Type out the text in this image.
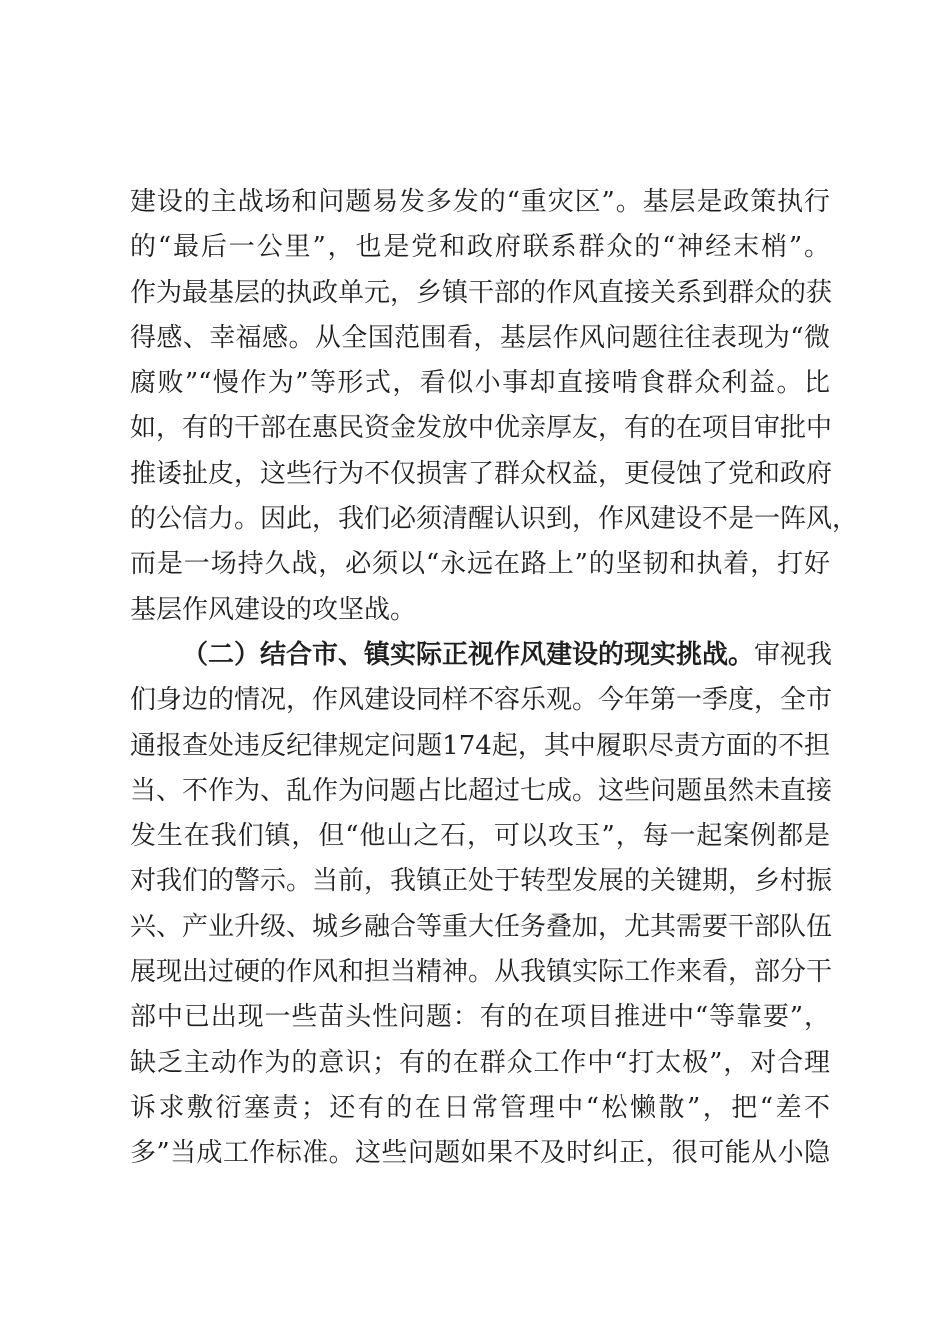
建设的主战场和问题易发多发的“重灾区”。基层是政策执行
的“最后一公里”，也是党和政府联系群众的“神经末梢”。
作为最基层的执政单元，乡镇干部的作风直接关系到群众的获
得感、幸福感。从全国范围看，基层作风问题往往表现为“微
腐败”“慢作为”等形式，看似小事却直接啃食群众利益。比
如，有的干部在惠民资金发放中优亲厚友，有的在项目审批中
推诿扯皮，这些行为不仅损害了群众权益，更侵蚀了党和政府
的公信力。因此，我们必须清醒认识到，作风建设不是一阵风，
而是一场持久战，必须以“永远在路上”的坚韧和执着，打好
基层作风建设的攻坚战。
（二）结合市、镇实际正视作风建设的现实挑战。审视我
们身边的情况，作风建设同样不容乐观。今年第一季度，全市
通报查处违反纪律规定问题174起，其中履职尽责方面的不担
当、不作为、乱作为问题占比超过七成。这些问题虽然未直接
发生在我们镇，但“他山之石，可以攻玉”，每一起案例都是
对我们的警示。当前，我镇正处于转型发展的关键期，乡村振
兴、产业升级、城乡融合等重大任务叠加，尤其需要干部队伍
展现出过硬的作风和担当精神。从我镇实际工作来看，部分干
部中已出现一些苗头性问题：有的在项目推进中“等靠要”，
缺乏主动作为的意识；有的在群众工作中“打太极”，对合理
诉求敷衍塞责；还有的在日常管理中“松懒散”，把“差不
多”当成工作标准。这些问题如果不及时纠正，很可能从小隐
